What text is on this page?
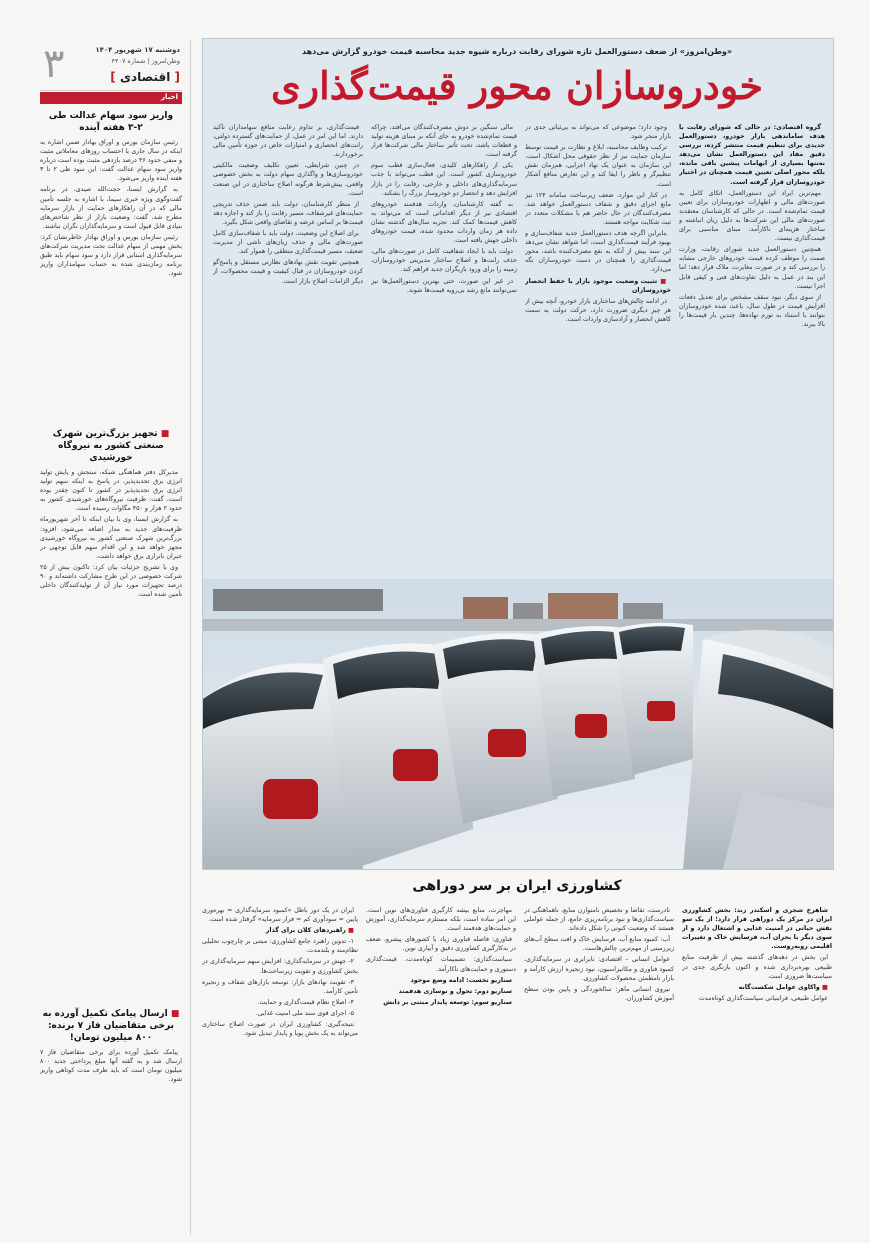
۳	دوشنبه ۱۷ شهریور ۱۴۰۴
وطن‌امروز | شماره ۴۴۰۷
[ اقتصادی ]
اخبار
واریز سود سهام عدالت طی ۲-۳ هفته آینده

رئیس سازمان بورس و اوراق بهادار ضمن اشاره به اینکه در سال جاری با احتساب روزهای معاملاتی مثبت و منفی حدود ۴۶ درصد بازدهی مثبت بوده است درباره واریز سود سهام عدالت گفت: این سود طی ۲ تا ۳ هفته آینده واریز می‌شود.

به گزارش ایسنا، حجت‌الله صیدی، در برنامه گفت‌وگوی ویژه خبری سیما، با اشاره به جلسه تأمین مالی که در آن راهکارهای حمایت از بازار سرمایه مطرح شد، گفت: وضعیت بازار از نظر شاخص‌های بنیادی قابل قبول است و سرمایه‌گذاران نگران نباشند.

رئیس سازمان بورس و اوراق بهادار خاطرنشان کرد: بخش مهمی از سهام عدالت تحت مدیریت شرکت‌های سرمایه‌گذاری استانی قرار دارد و سود سهام باید طبق برنامه زمان‌بندی شده به حساب سهامداران واریز شود.

■ تجهیز بزرگ‌ترین شهرک صنعتی کشور به نیروگاه خورشیدی

مدیرکل دفتر هماهنگی شبکه، سنجش و پایش تولید انرژی برق تجدیدپذیر، در پاسخ به اینکه سهم تولید انرژی برق تجدیدپذیر در کشور تا کنون چقدر بوده است، گفت: ظرفیت نیروگاه‌های خورشیدی کشور به حدود ۲ هزار و ۴۵۰ مگاوات رسیده است.

به گزارش ایسنا، وی با بیان اینکه تا آخر شهریورماه ظرفیت‌های جدید به مدار اضافه می‌شود، افزود: بزرگ‌ترین شهرک صنعتی کشور به نیروگاه خورشیدی مجهز خواهد شد و این اقدام سهم قابل توجهی در جبران ناترازی برق خواهد داشت.

وی با تشریح جزئیات بیان کرد: تاکنون بیش از ۲۵ شرکت خصوصی در این طرح مشارکت داشته‌اند و ۹۰ درصد تجهیزات مورد نیاز آن از تولیدکنندگان داخلی تأمین شده است.

■ ارسال پیامک تکمیل آورده به برخی متقاضیان فاز ۷ برنده: ۸۰۰ میلیون تومان!

پیامک تکمیل آورده برای برخی متقاضیان فاز ۷ ارسال شد و به گفته آنها مبلغ پرداختی جدید ۸۰۰ میلیون تومان است که باید ظرف مدت کوتاهی واریز شود.

«وطن‌امروز» از ضعف دستورالعمل تازه شورای رقابت درباره شیوه جدید محاسبه قیمت خودرو گزارش می‌دهد
خودروسازان محور قیمت‌گذاری

گروه اقتصادی: در حالی که شورای رقابت با هدف ساماندهی بازار خودرو، دستورالعمل جدیدی برای تنظیم قیمت منتشر کرده، بررسی دقیق مفاد این دستورالعمل نشان می‌دهد نه‌تنها بسیاری از ابهامات پیشین باقی مانده، بلکه محور اصلی تعیین قیمت همچنان در اختیار خودروسازان قرار گرفته است.

مهم‌ترین ایراد این دستورالعمل، اتکای کامل به صورت‌های مالی و اظهارات خودروسازان برای تعیین قیمت تمام‌شده است. در حالی که کارشناسان معتقدند صورت‌های مالی این شرکت‌ها به دلیل زیان انباشته و ساختار هزینه‌ای ناکارآمد، مبنای مناسبی برای قیمت‌گذاری نیست.

همچنین دستورالعمل جدید شورای رقابت، وزارت صمت را موظف کرده قیمت خودروهای خارجی مشابه را بررسی کند و در صورت مغایرت، ملاک قرار دهد؛ اما این بند در عمل به دلیل تفاوت‌های فنی و کیفی قابل اجرا نیست.

از سوی دیگر، نبود سقف مشخص برای تعدیل دفعات افزایش قیمت در طول سال، باعث شده خودروسازان بتوانند با استناد به تورم نهاده‌ها، چندین بار قیمت‌ها را بالا ببرند.

وجود دارد؛ موضوعی که می‌تواند به بی‌ثباتی جدی در بازار منجر شود.

ترکیب وظایف محاسبه، ابلاغ و نظارت بر قیمت توسط سازمان حمایت نیز از نظر حقوقی محل اشکال است. این سازمان به عنوان یک نهاد اجرایی، هم‌زمان نقش تنظیم‌گر و ناظر را ایفا کند و این تعارض منافع آشکار است.

در کنار این موارد، ضعف زیرساخت سامانه ۱۲۴ نیز مانع اجرای دقیق و شفاف دستورالعمل خواهد شد. مصرف‌کنندگان در حال حاضر هم با مشکلات متعدد در ثبت شکایت مواجه هستند.

بنابراین اگرچه هدف دستورالعمل جدید شفاف‌سازی و بهبود فرآیند قیمت‌گذاری است، اما شواهد نشان می‌دهد این سند بیش از آنکه به نفع مصرف‌کننده باشد، محور قیمت‌گذاری را همچنان در دست خودروسازان نگه می‌دارد.

■ تثبیت وضعیت موجود بازار با حفظ انحصار خودروسازان

در ادامه چالش‌های ساختاری بازار خودرو، آنچه بیش از هر چیز دیگری ضرورت دارد، حرکت دولت به سمت کاهش انحصار و آزادسازی واردات است.

مالی سنگین بر دوش مصرف‌کنندگان می‌افتد، چراکه قیمت تمام‌شده خودرو به جای آنکه بر مبنای هزینه تولید و قطعات باشد، تحت تأثیر ساختار مالی شرکت‌ها قرار گرفته است.

یکی از راهکارهای کلیدی، فعال‌سازی قطب سوم خودروسازی کشور است. این قطب می‌تواند با جذب سرمایه‌گذاری‌های داخلی و خارجی، رقابت را در بازار افزایش دهد و انحصار دو خودروساز بزرگ را بشکند.

به گفته کارشناسان، واردات هدفمند خودروهای اقتصادی نیز از دیگر اقداماتی است که می‌تواند به کاهش قیمت‌ها کمک کند. تجربه سال‌های گذشته نشان داده هر زمان واردات محدود شده، قیمت خودروهای داخلی جهش یافته است.

دولت باید با ایجاد شفافیت کامل در صورت‌های مالی، حذف رانت‌ها و اصلاح ساختار مدیریتی خودروسازان، زمینه را برای ورود بازیگران جدید فراهم کند.

در غیر این صورت، حتی بهترین دستورالعمل‌ها نیز نمی‌توانند مانع رشد بی‌رویه قیمت‌ها شوند.

قیمت‌گذاری، بر تداوم رعایت منافع سهامداران تأکید دارند. اما این امر در عمل، از حمایت‌های گسترده دولتی، رانت‌های انحصاری و امتیازات خاص در حوزه تأمین مالی برخوردارند.

در چنین شرایطی، تعیین تکلیف وضعیت مالکیتی خودروسازی‌ها و واگذاری سهام دولت به بخش خصوصی واقعی، پیش‌شرط هرگونه اصلاح ساختاری در این صنعت است.

از منظر کارشناسان، دولت باید ضمن حذف تدریجی حمایت‌های غیرشفاف، مسیر رقابت را باز کند و اجازه دهد قیمت‌ها بر اساس عرضه و تقاضای واقعی شکل بگیرد.

برای اصلاح این وضعیت، دولت باید با شفاف‌سازی کامل صورت‌های مالی و حذف زیان‌های ناشی از مدیریت ضعیف، مسیر قیمت‌گذاری منطقی را هموار کند.

همچنین تقویت نقش نهادهای نظارتی مستقل و پاسخ‌گو کردن خودروسازان در قبال کیفیت و قیمت محصولات، از دیگر الزامات اصلاح بازار است.

کشاورزی ایران بر سر دوراهی

شاهرخ شجری و اسکندر زند: بخش کشاورزی ایران در مرکز یک دوراهی قرار دارد؛ از یک سو نقش حیاتی در امنیت غذایی و اشتغال دارد و از سوی دیگر با بحران آب، فرسایش خاک و تغییرات اقلیمی روبه‌روست.

این بخش در دهه‌های گذشته بیش از ظرفیت منابع طبیعی بهره‌برداری شده و اکنون بازنگری جدی در سیاست‌ها ضروری است.

■ واکاوی عوامل شکست‌گانه

عوامل طبیعی، فرابنیانی سیاست‌گذاری کوتاه‌مدت

نادرست، تقاضا و تخصیص نامتوازن منابع، ناهماهنگی در سیاست‌گذاری‌ها و نبود برنامه‌ریزی جامع، از جمله عواملی هستند که وضعیت کنونی را شکل داده‌اند.

آب: کمبود منابع آب، فرسایش خاک و افت سطح آب‌های زیرزمینی از مهم‌ترین چالش‌هاست.

عوامل انسانی – اقتصادی: نابرابری در سرمایه‌گذاری، کمبود فناوری و مکانیزاسیون، نبود زنجیره ارزش کارآمد و بازار نامطمئن محصولات کشاورزی.

نیروی انسانی ماهر: سالخوردگی و پایین بودن سطح آموزش کشاورزان.

مهاجرت، منابع بیشه کارگیری فناوری‌های نوین است. این امر ساده است، بلکه مستلزم سرمایه‌گذاری، آموزش و حمایت‌های هدفمند است.

فناوری: فاصله فناوری زیاد با کشورهای پیشرو، ضعف در به‌کارگیری کشاورزی دقیق و آبیاری نوین.

سیاست‌گذاری: تصمیمات کوتاه‌مدت، قیمت‌گذاری دستوری و حمایت‌های ناکارآمد.

سناریو نخست: ادامه وضع موجود

سناریو دوم: تحول و نوسازی هدفمند

سناریو سوم: توسعه پایدار مبتنی بر دانش

ایران در یک دور باطل «کمبود سرمایه‌گذاری = بهره‌وری پایین = سودآوری کم = فرار سرمایه» گرفتار شده است.

■ راهبردهای کلان برای گذار

۱- تدوین راهبرد جامع کشاورزی: مبتنی بر چارچوب تحلیلی نظام‌مند و بلندمدت.

۲- جهش در سرمایه‌گذاری: افزایش سهم سرمایه‌گذاری در بخش کشاورزی و تقویت زیرساخت‌ها.

۳- تقویت نهادهای بازار: توسعه بازارهای شفاف و زنجیره تأمین کارآمد.

۴- اصلاح نظام قیمت‌گذاری و حمایت.

۵- اجرای قوی سند ملی امنیت غذایی.

نتیجه‌گیری: کشاورزی ایران در صورت اصلاح ساختاری می‌تواند به یک بخش پویا و پایدار تبدیل شود.
